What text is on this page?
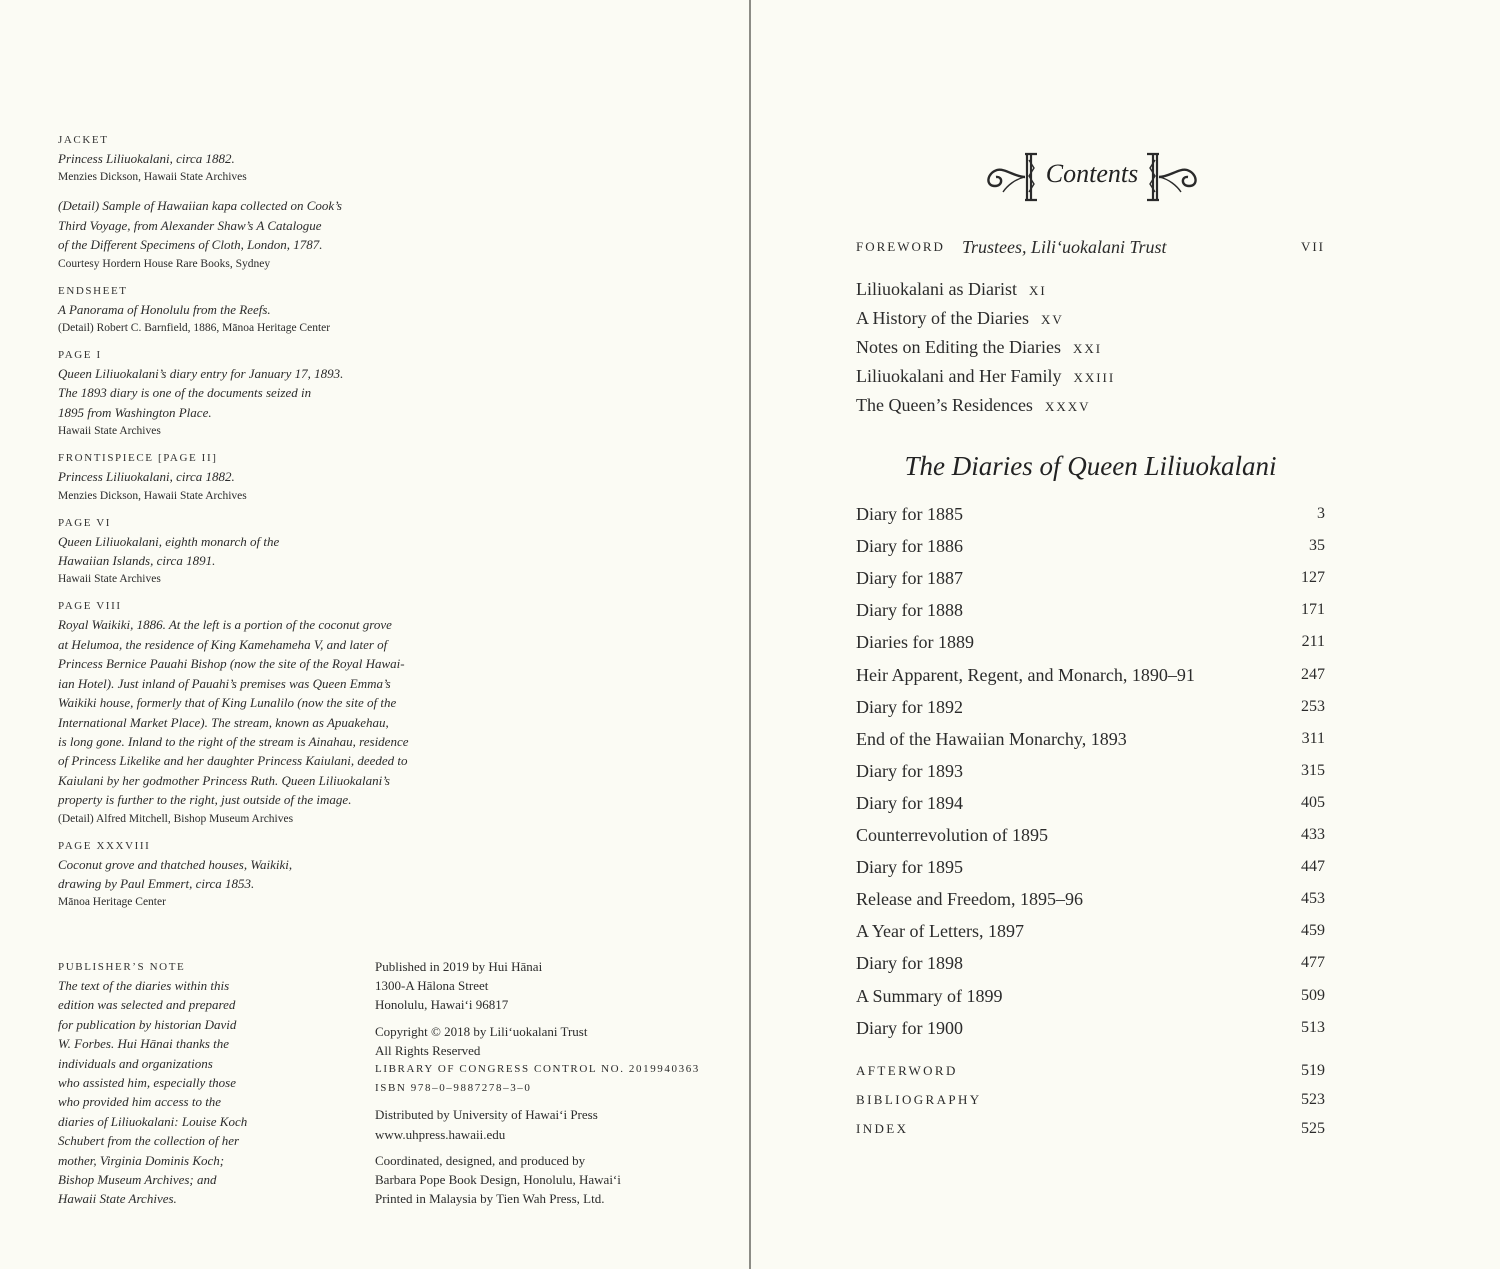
JACKET
Princess Liliuokalani, circa 1882.
Menzies Dickson, Hawaii State Archives
(Detail) Sample of Hawaiian kapa collected on Cook’s
Third Voyage, from Alexander Shaw’s A Catalogue
of the Different Specimens of Cloth, London, 1787.
Courtesy Hordern House Rare Books, Sydney
ENDSHEET
A Panorama of Honolulu from the Reefs.
(Detail) Robert C. Barnfield, 1886, Mānoa Heritage Center
PAGE I
Queen Liliuokalani’s diary entry for January 17, 1893.
The 1893 diary is one of the documents seized in
1895 from Washington Place.
Hawaii State Archives
FRONTISPIECE [PAGE II]
Princess Liliuokalani, circa 1882.
Menzies Dickson, Hawaii State Archives
PAGE VI
Queen Liliuokalani, eighth monarch of the
Hawaiian Islands, circa 1891.
Hawaii State Archives
PAGE VIII
Royal Waikiki, 1886. At the left is a portion of the coconut grove
at Helumoa, the residence of King Kamehameha V, and later of
Princess Bernice Pauahi Bishop (now the site of the Royal Hawai-
ian Hotel). Just inland of Pauahi’s premises was Queen Emma’s
Waikiki house, formerly that of King Lunalilo (now the site of the
International Market Place). The stream, known as Apuakehau,
is long gone. Inland to the right of the stream is Ainahau, residence
of Princess Likelike and her daughter Princess Kaiulani, deeded to
Kaiulani by her godmother Princess Ruth. Queen Liliuokalani’s
property is further to the right, just outside of the image.
(Detail) Alfred Mitchell, Bishop Museum Archives
PAGE XXXVIII
Coconut grove and thatched houses, Waikiki,
drawing by Paul Emmert, circa 1853.
Mānoa Heritage Center
PUBLISHER’S NOTE
The text of the diaries within this
edition was selected and prepared
for publication by historian David
W. Forbes. Hui Hānai thanks the
individuals and organizations
who assisted him, especially those
who provided him access to the
diaries of Liliuokalani: Louise Koch
Schubert from the collection of her
mother, Virginia Dominis Koch;
Bishop Museum Archives; and
Hawaii State Archives.
Published in 2019 by Hui Hānai
1300-A Hālona Street
Honolulu, Hawai‘i 96817
Copyright © 2018 by Lili‘uokalani Trust
All Rights Reserved
LIBRARY OF CONGRESS CONTROL NO. 2019940363
ISBN 978–0–9887278–3–0
Distributed by University of Hawai‘i Press
www.uhpress.hawaii.edu
Coordinated, designed, and produced by
Barbara Pope Book Design, Honolulu, Hawai‘i
Printed in Malaysia by Tien Wah Press, Ltd.
Contents
FOREWORD Trustees, Lili‘uokalani Trust	VII
Liliuokalani as Diarist XI
A History of the Diaries XV
Notes on Editing the Diaries XXI
Liliuokalani and Her Family XXIII
The Queen’s Residences XXXV
The Diaries of Queen Liliuokalani
Diary for 1885	3
Diary for 1886	35
Diary for 1887	127
Diary for 1888	171
Diaries for 1889	211
Heir Apparent, Regent, and Monarch, 1890–91	247
Diary for 1892	253
End of the Hawaiian Monarchy, 1893	311
Diary for 1893	315
Diary for 1894	405
Counterrevolution of 1895	433
Diary for 1895	447
Release and Freedom, 1895–96	453
A Year of Letters, 1897	459
Diary for 1898	477
A Summary of 1899	509
Diary for 1900	513
AFTERWORD	519
BIBLIOGRAPHY	523
INDEX	525
